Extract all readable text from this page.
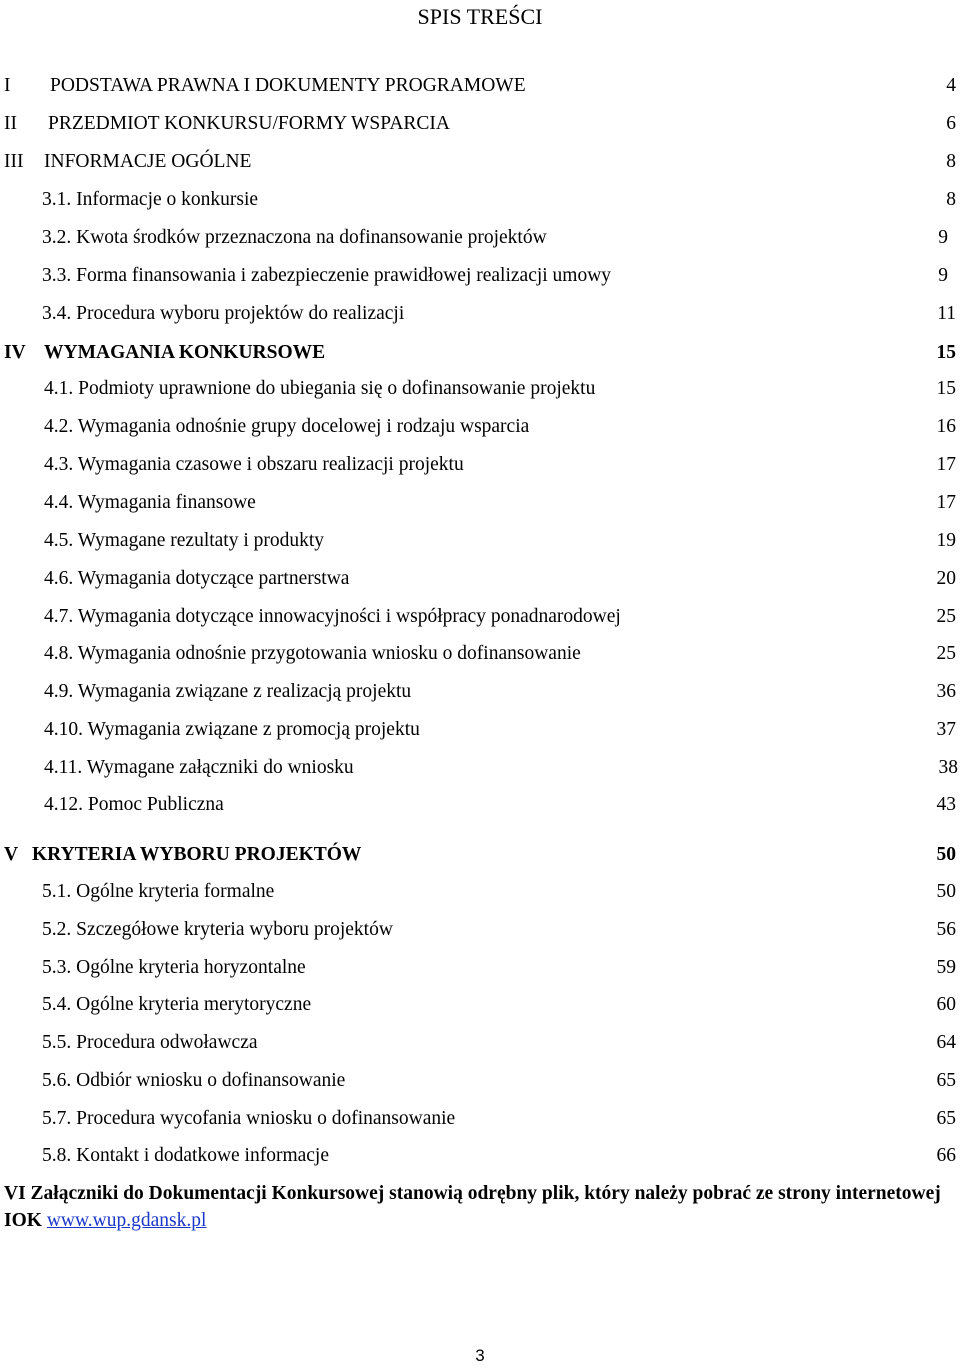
SPIS TREŚCI
I PODSTAWA PRAWNA I DOKUMENTY PROGRAMOWE	4
II PRZEDMIOT KONKURSU/FORMY WSPARCIA	6
III INFORMACJE OGÓLNE	8
3.1. Informacje o konkursie	8
3.2. Kwota środków przeznaczona na dofinansowanie projektów	9
3.3. Forma finansowania i zabezpieczenie prawidłowej realizacji umowy	9
3.4. Procedura wyboru projektów do realizacji	11
IV WYMAGANIA KONKURSOWE	15
4.1. Podmioty uprawnione do ubiegania się o dofinansowanie projektu	15
4.2. Wymagania odnośnie grupy docelowej i rodzaju wsparcia	16
4.3. Wymagania czasowe i obszaru realizacji projektu	17
4.4. Wymagania finansowe	17
4.5. Wymagane rezultaty i produkty	19
4.6. Wymagania dotyczące partnerstwa	20
4.7. Wymagania dotyczące innowacyjności i współpracy ponadnarodowej	25
4.8. Wymagania odnośnie przygotowania wniosku o dofinansowanie	25
4.9. Wymagania związane z realizacją projektu	36
4.10. Wymagania związane z promocją projektu	37
4.11. Wymagane załączniki do wniosku	38
4.12. Pomoc Publiczna	43
V KRYTERIA WYBORU PROJEKTÓW	50
5.1. Ogólne kryteria formalne	50
5.2. Szczegółowe kryteria wyboru projektów	56
5.3. Ogólne kryteria horyzontalne	59
5.4. Ogólne kryteria merytoryczne	60
5.5. Procedura odwoławcza	64
5.6. Odbiór wniosku o dofinansowanie	65
5.7. Procedura wycofania wniosku o dofinansowanie	65
5.8. Kontakt i dodatkowe informacje	66
VI Załączniki do Dokumentacji Konkursowej stanowią odrębny plik, który należy pobrać ze strony internetowej IOK www.wup.gdansk.pl
3
